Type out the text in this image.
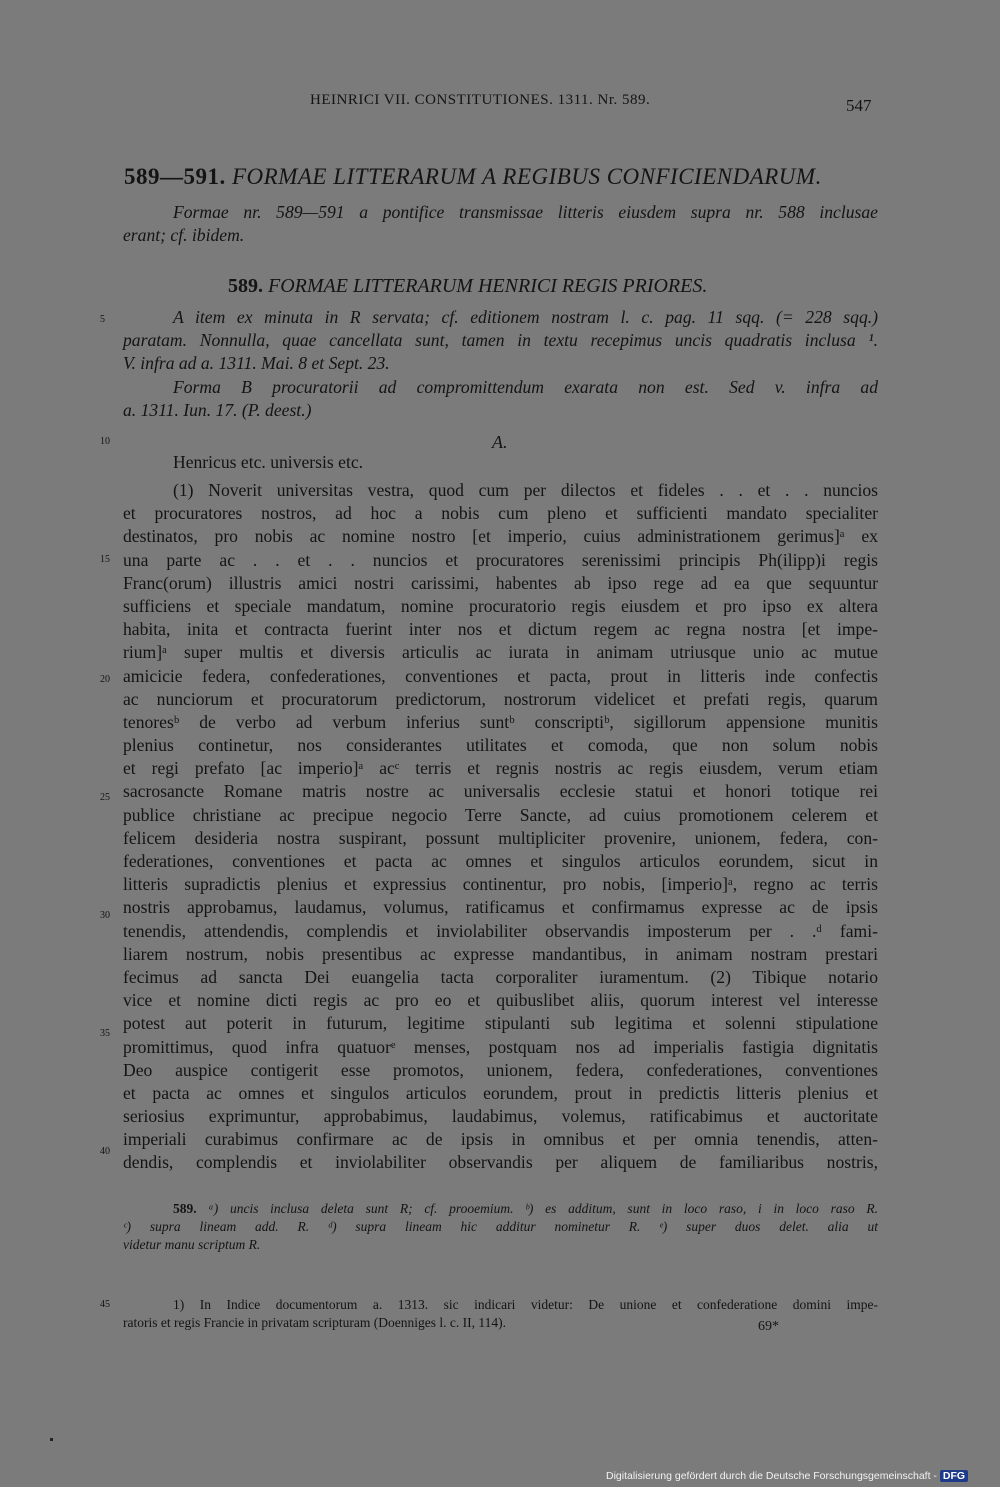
HEINRICI VII. CONSTITUTIONES. 1311. Nr. 589.	547
589—591. FORMAE LITTERARUM A REGIBUS CONFICIENDARUM.
Formae nr. 589—591 a pontifice transmissae litteris eiusdem supra nr. 588 inclusae
erant; cf. ibidem.
589. FORMAE LITTERARUM HENRICI REGIS PRIORES.
A item ex minuta in R servata; cf. editionem nostram l. c. pag. 11 sqq. (= 228 sqq.)
paratam. Nonnulla, quae cancellata sunt, tamen in textu recepimus uncis quadratis inclusa ¹.
V. infra ad a. 1311. Mai. 8 et Sept. 23.
Forma B procuratorii ad compromittendum exarata non est. Sed v. infra ad
a. 1311. Iun. 17. (P. deest.)
A.
Henricus etc. universis etc.
(1) Noverit universitas vestra, quod cum per dilectos et fideles . . et . . nuncios
et procuratores nostros, ad hoc a nobis cum pleno et sufficienti mandato specialiter
destinatos, pro nobis ac nomine nostro [et imperio, cuius administrationem gerimus]ᵃ ex
una parte ac . . et . . nuncios et procuratores serenissimi principis Ph(ilipp)i regis
Franc(orum) illustris amici nostri carissimi, habentes ab ipso rege ad ea que sequuntur
sufficiens et speciale mandatum, nomine procuratorio regis eiusdem et pro ipso ex altera
habita, inita et contracta fuerint inter nos et dictum regem ac regna nostra [et impe-
rium]ᵃ super multis et diversis articulis ac iurata in animam utriusque unio ac mutue
amicicie federa, confederationes, conventiones et pacta, prout in litteris inde confectis
ac nunciorum et procuratorum predictorum, nostrorum videlicet et prefati regis, quarum
tenoresᵇ de verbo ad verbum inferius suntᵇ conscriptiᵇ, sigillorum appensione munitis
plenius continetur, nos considerantes utilitates et comoda, que non solum nobis
et regi prefato [ac imperio]ᵃ acᶜ terris et regnis nostris ac regis eiusdem, verum etiam
sacrosancte Romane matris nostre ac universalis ecclesie statui et honori totique rei
publice christiane ac precipue negocio Terre Sancte, ad cuius promotionem celerem et
felicem desideria nostra suspirant, possunt multipliciter provenire, unionem, federa, con-
federationes, conventiones et pacta ac omnes et singulos articulos eorundem, sicut in
litteris supradictis plenius et expressius continentur, pro nobis, [imperio]ᵃ, regno ac terris
nostris approbamus, laudamus, volumus, ratificamus et confirmamus expresse ac de ipsis
tenendis, attendendis, complendis et inviolabiliter observandis imposterum per . .ᵈ fami-
liarem nostrum, nobis presentibus ac expresse mandantibus, in animam nostram prestari
fecimus ad sancta Dei euangelia tacta corporaliter iuramentum. (2) Tibique notario
vice et nomine dicti regis ac pro eo et quibuslibet aliis, quorum interest vel interesse
potest aut poterit in futurum, legitime stipulanti sub legitima et solenni stipulatione
promittimus, quod infra quatuorᵉ menses, postquam nos ad imperialis fastigia dignitatis
Deo auspice contigerit esse promotos, unionem, federa, confederationes, conventiones
et pacta ac omnes et singulos articulos eorundem, prout in predictis litteris plenius et
seriosius exprimuntur, approbabimus, laudabimus, volemus, ratificabimus et auctoritate
imperiali curabimus confirmare ac de ipsis in omnibus et per omnia tenendis, atten-
dendis, complendis et inviolabiliter observandis per aliquem de familiaribus nostris,
5
10
15
20
25
30
35
40
45
589. ᵃ) uncis inclusa deleta sunt R; cf. prooemium. ᵇ) es additum, sunt in loco raso, i in loco raso R.
ᶜ) supra lineam add. R. ᵈ) supra lineam hic additur nominetur R. ᵉ) super duos delet. alia ut
videtur manu scriptum R.
1) In Indice documentorum a. 1313. sic indicari videtur: De unione et confederatione domini impe-
ratoris et regis Francie in privatam scripturam (Doenniges l. c. II, 114).	69*
Digitalisierung gefördert durch die Deutsche Forschungsgemeinschaft - DFG
